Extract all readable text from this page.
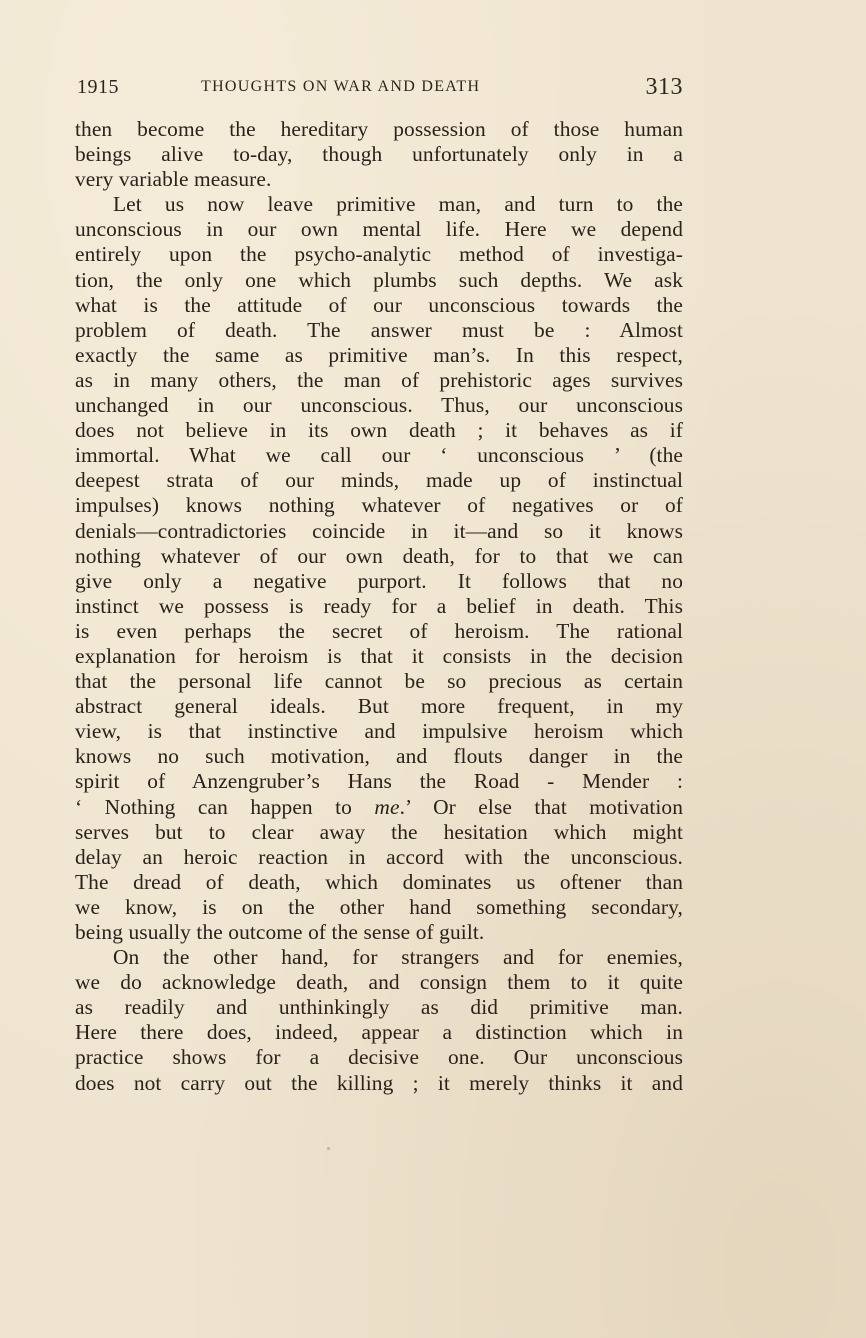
1915	THOUGHTS ON WAR AND DEATH	313
then become the hereditary possession of those human
beings alive to-day, though unfortunately only in a
very variable measure.
Let us now leave primitive man, and turn to the
unconscious in our own mental life. Here we depend
entirely upon the psycho-analytic method of investiga-
tion, the only one which plumbs such depths. We ask
what is the attitude of our unconscious towards the
problem of death. The answer must be : Almost
exactly the same as primitive man’s. In this respect,
as in many others, the man of prehistoric ages survives
unchanged in our unconscious. Thus, our unconscious
does not believe in its own death ; it behaves as if
immortal. What we call our ‘ unconscious ’ (the
deepest strata of our minds, made up of instinctual
impulses) knows nothing whatever of negatives or of
denials—contradictories coincide in it—and so it knows
nothing whatever of our own death, for to that we can
give only a negative purport. It follows that no
instinct we possess is ready for a belief in death. This
is even perhaps the secret of heroism. The rational
explanation for heroism is that it consists in the decision
that the personal life cannot be so precious as certain
abstract general ideals. But more frequent, in my
view, is that instinctive and impulsive heroism which
knows no such motivation, and flouts danger in the
spirit of Anzengruber’s Hans the Road - Mender :
‘ Nothing can happen to me.’ Or else that motivation
serves but to clear away the hesitation which might
delay an heroic reaction in accord with the unconscious.
The dread of death, which dominates us oftener than
we know, is on the other hand something secondary,
being usually the outcome of the sense of guilt.
On the other hand, for strangers and for enemies,
we do acknowledge death, and consign them to it quite
as readily and unthinkingly as did primitive man.
Here there does, indeed, appear a distinction which in
practice shows for a decisive one. Our unconscious
does not carry out the killing ; it merely thinks it and
